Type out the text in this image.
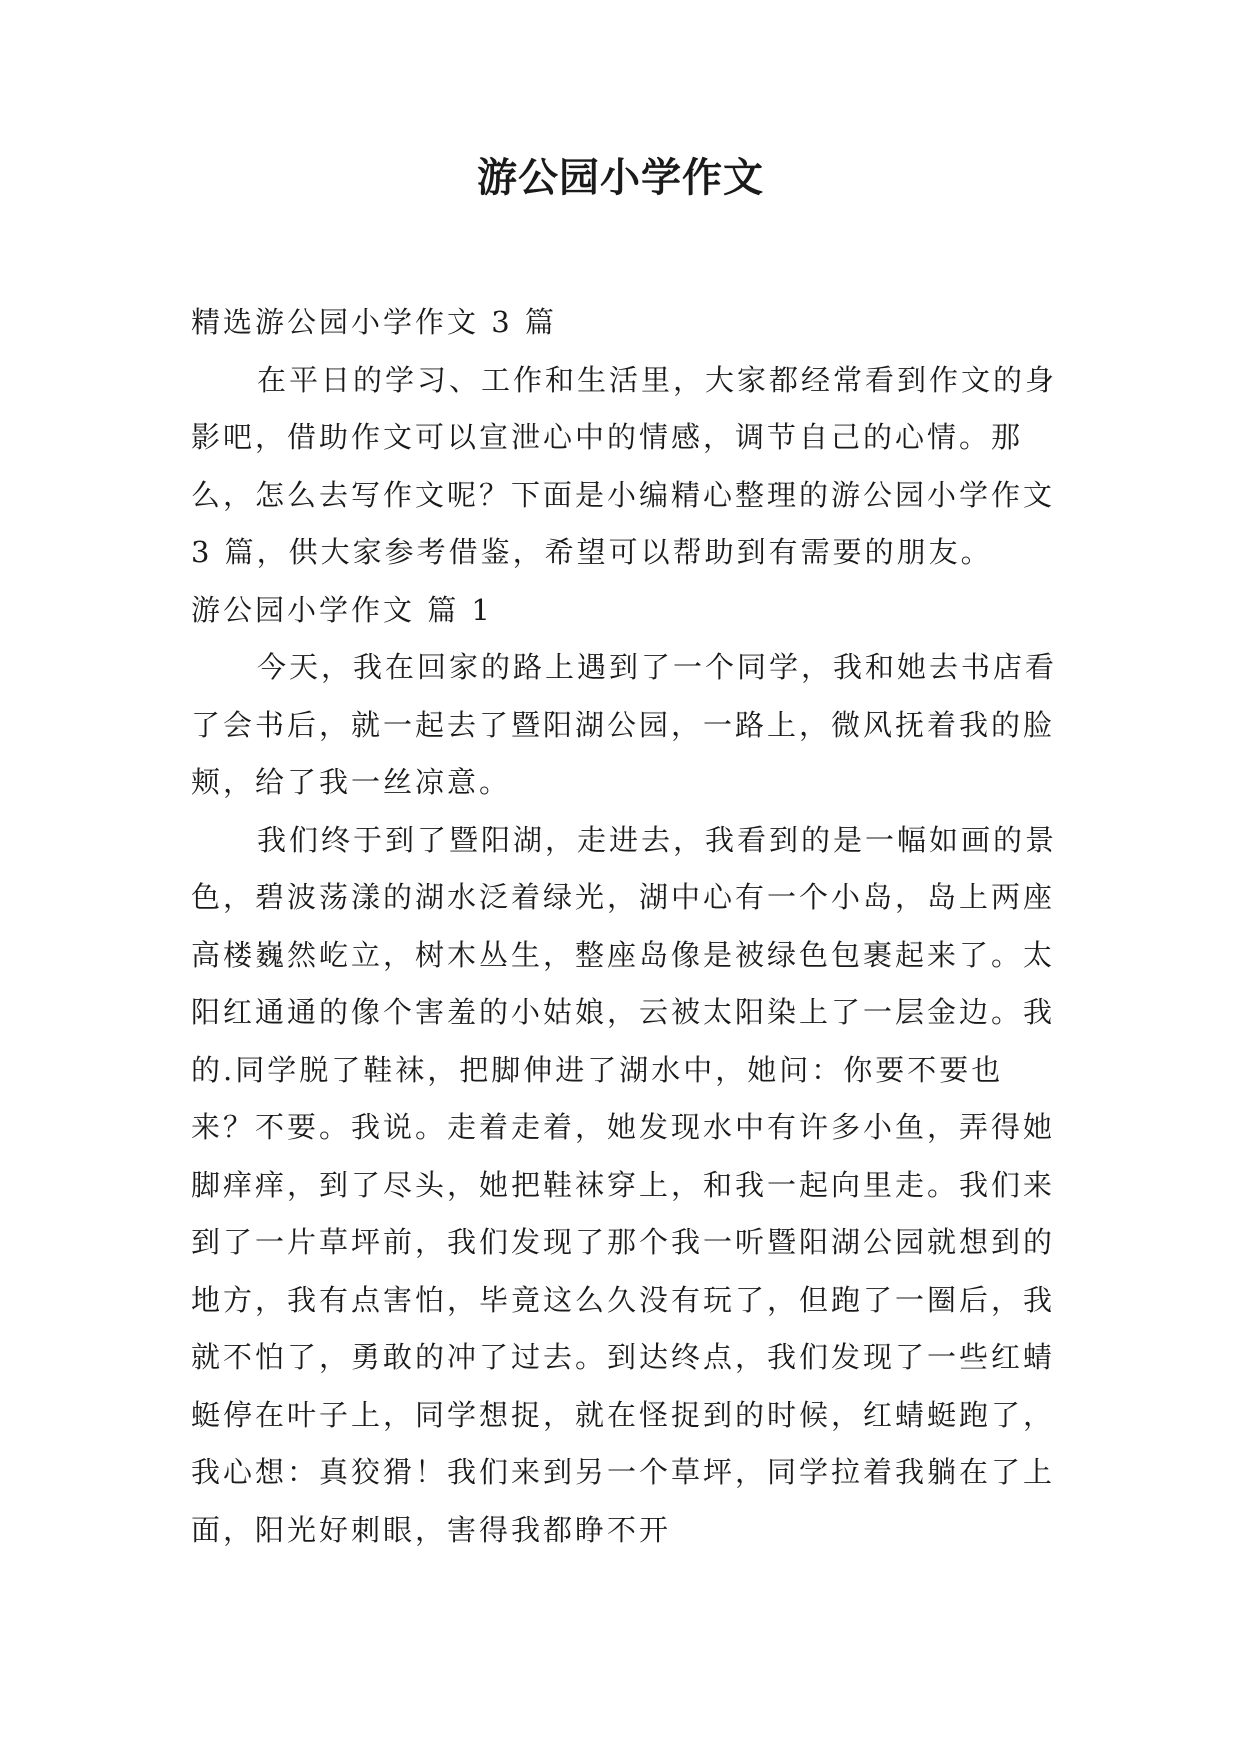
游公园小学作文

精选游公园小学作文 3 篇

在平日的学习、工作和生活里，大家都经常看到作文的身影吧，借助作文可以宣泄心中的情感，调节自己的心情。那么，怎么去写作文呢？下面是小编精心整理的游公园小学作文 3 篇，供大家参考借鉴，希望可以帮助到有需要的朋友。

游公园小学作文 篇 1

今天，我在回家的路上遇到了一个同学，我和她去书店看了会书后，就一起去了暨阳湖公园，一路上，微风抚着我的脸颊，给了我一丝凉意。

我们终于到了暨阳湖，走进去，我看到的是一幅如画的景色，碧波荡漾的湖水泛着绿光，湖中心有一个小岛，岛上两座高楼巍然屹立，树木丛生，整座岛像是被绿色包裹起来了。太阳红通通的像个害羞的小姑娘，云被太阳染上了一层金边。我的.同学脱了鞋袜，把脚伸进了湖水中，她问：你要不要也来？不要。我说。走着走着，她发现水中有许多小鱼，弄得她脚痒痒，到了尽头，她把鞋袜穿上，和我一起向里走。我们来到了一片草坪前，我们发现了那个我一听暨阳湖公园就想到的地方，我有点害怕，毕竟这么久没有玩了，但跑了一圈后，我就不怕了，勇敢的冲了过去。到达终点，我们发现了一些红蜻蜓停在叶子上，同学想捉，就在怪捉到的时候，红蜻蜓跑了，我心想：真狡猾！我们来到另一个草坪，同学拉着我躺在了上面，阳光好刺眼，害得我都睁不开
